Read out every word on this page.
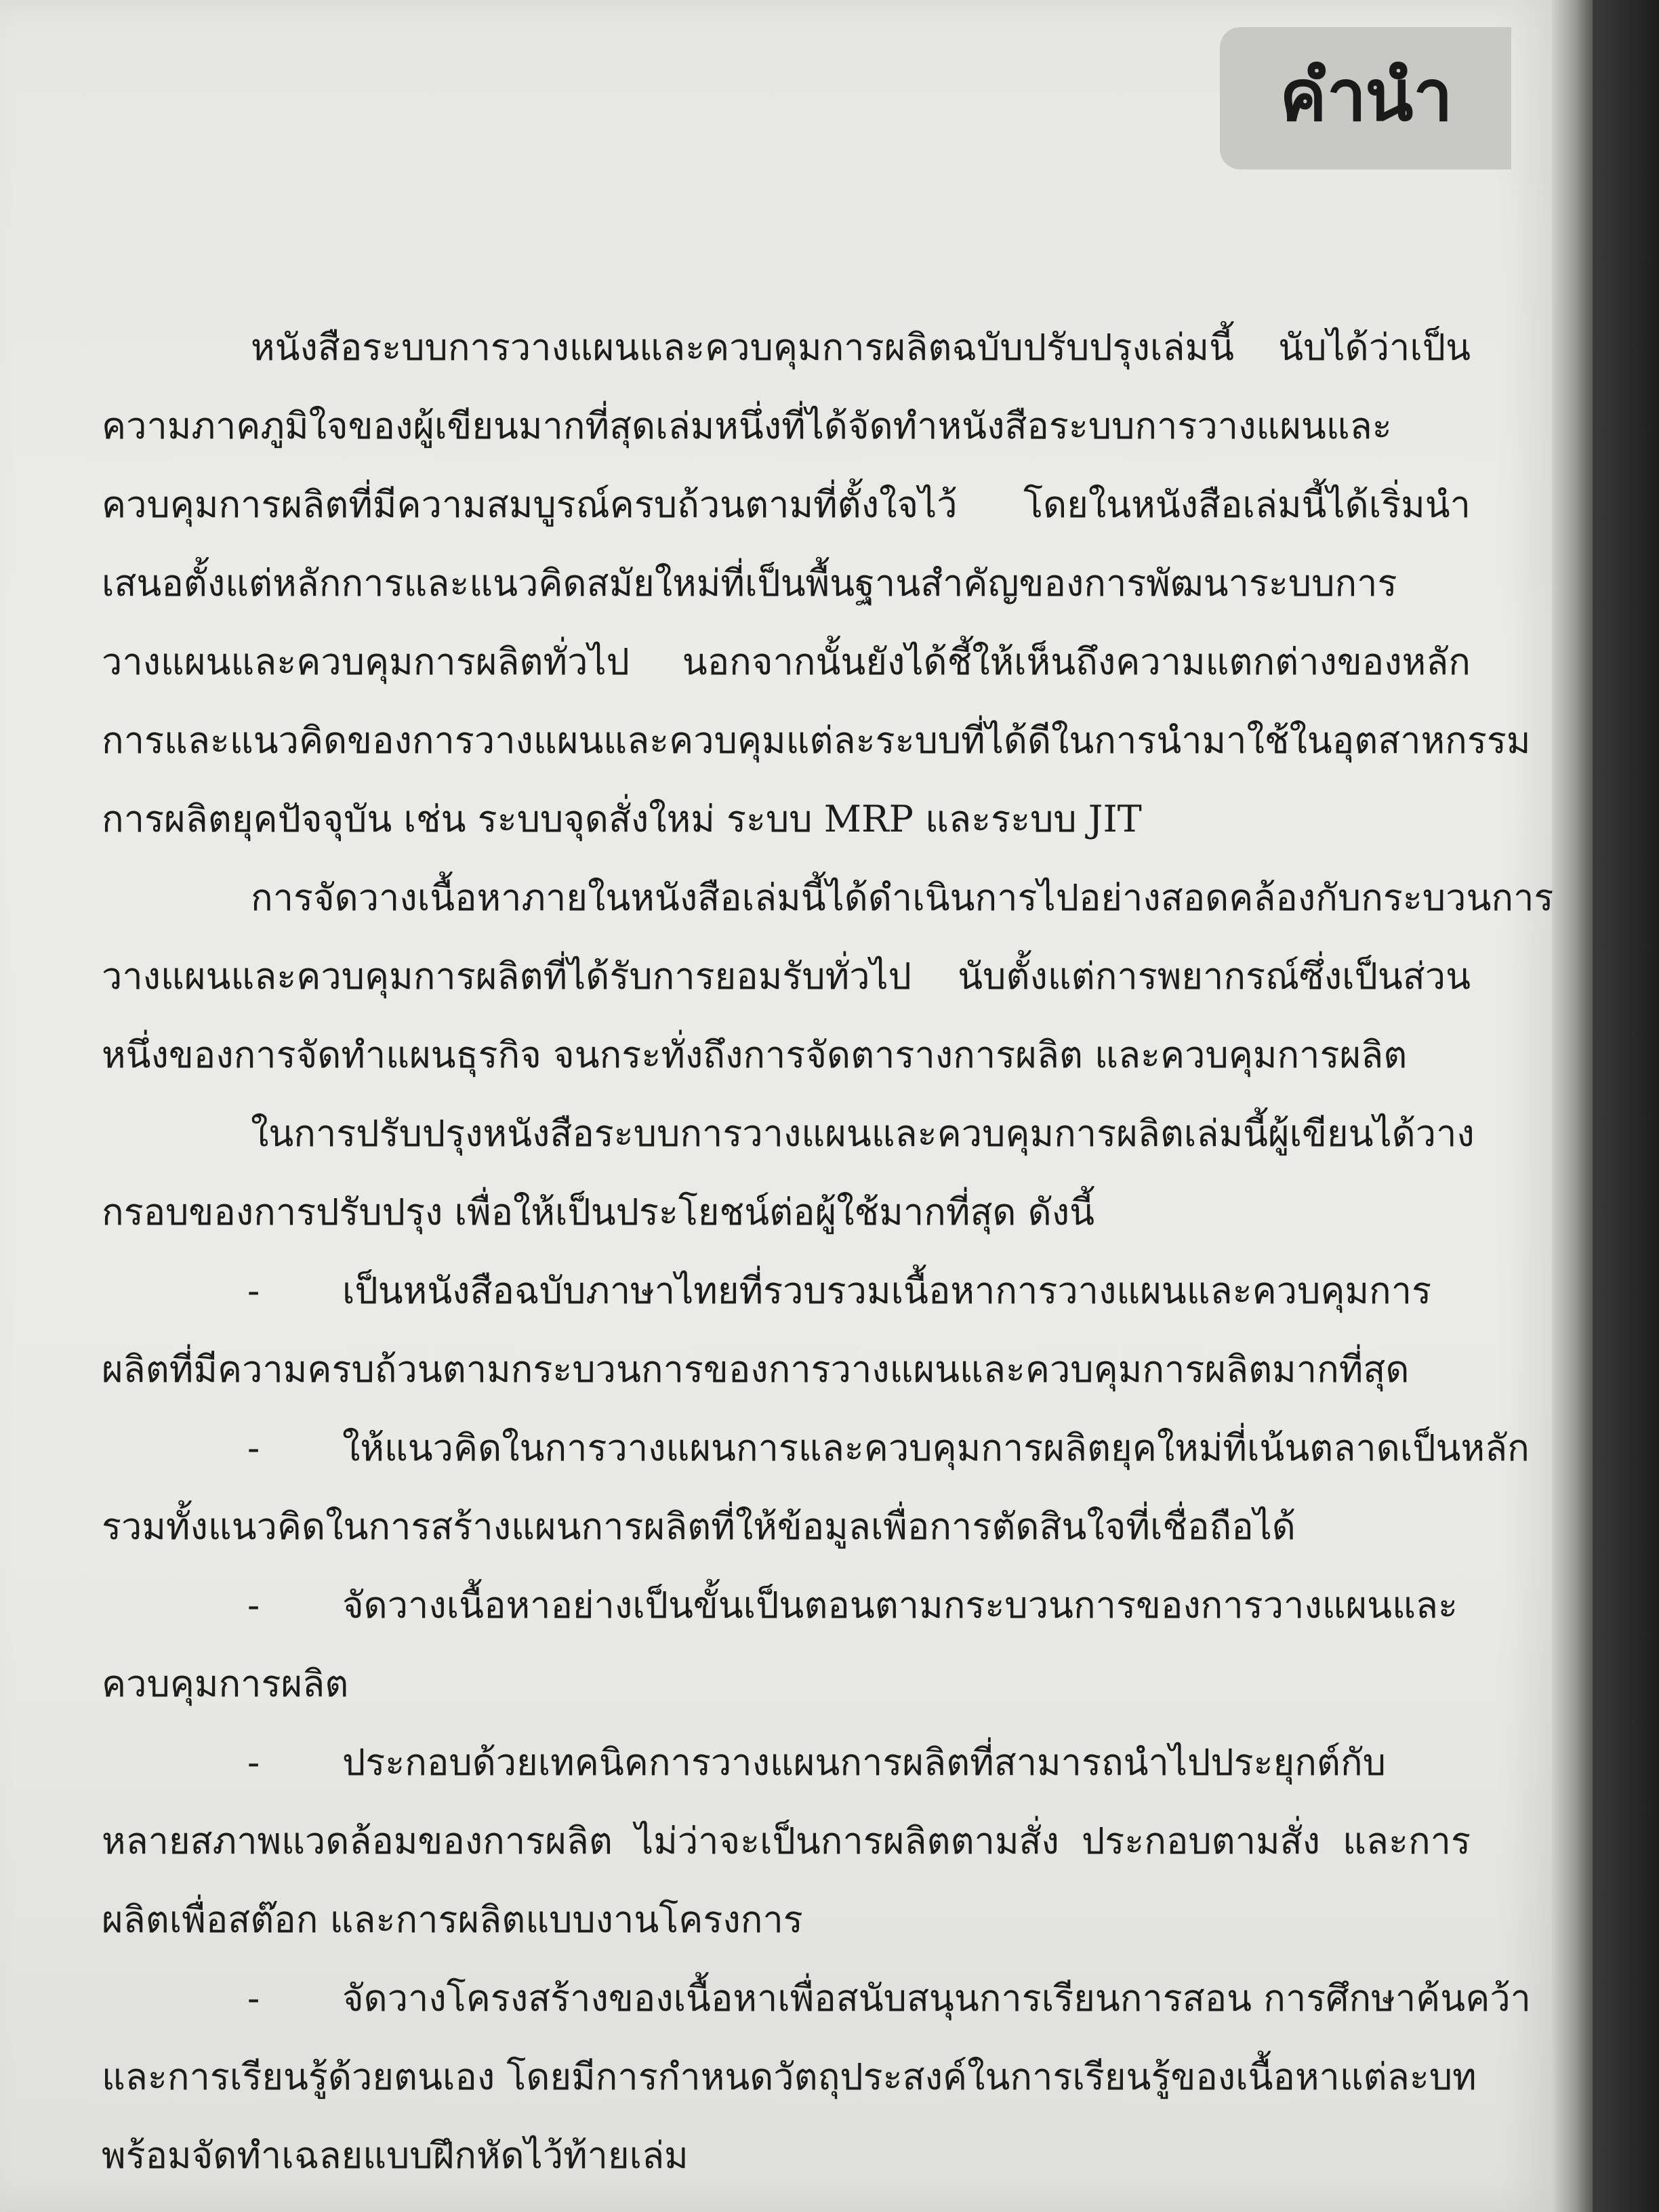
คำนำ
หนังสือระบบการวางแผนและควบคุมการผลิตฉบับปรับปรุงเล่มนี้ นับได้ว่าเป็น
ความภาคภูมิใจของผู้เขียนมากที่สุดเล่มหนึ่งที่ได้จัดทำหนังสือระบบการวางแผนและ
ควบคุมการผลิตที่มีความสมบูรณ์ครบถ้วนตามที่ตั้งใจไว้ โดยในหนังสือเล่มนี้ได้เริ่มนำ
เสนอตั้งแต่หลักการและแนวคิดสมัยใหม่ที่เป็นพื้นฐานสำคัญของการพัฒนาระบบการ
วางแผนและควบคุมการผลิตทั่วไป นอกจากนั้นยังได้ชี้ให้เห็นถึงความแตกต่างของหลัก
การและแนวคิดของการวางแผนและควบคุมแต่ละระบบที่ได้ดีในการนำมาใช้ในอุตสาหกรรม
การผลิตยุคปัจจุบัน เช่น ระบบจุดสั่งใหม่ ระบบ MRP และระบบ JIT
การจัดวางเนื้อหาภายในหนังสือเล่มนี้ได้ดำเนินการไปอย่างสอดคล้องกับกระบวนการ
วางแผนและควบคุมการผลิตที่ได้รับการยอมรับทั่วไป นับตั้งแต่การพยากรณ์ซึ่งเป็นส่วน
หนึ่งของการจัดทำแผนธุรกิจ จนกระทั่งถึงการจัดตารางการผลิต และควบคุมการผลิต
ในการปรับปรุงหนังสือระบบการวางแผนและควบคุมการผลิตเล่มนี้ผู้เขียนได้วาง
กรอบของการปรับปรุง เพื่อให้เป็นประโยชน์ต่อผู้ใช้มากที่สุด ดังนี้
- เป็นหนังสือฉบับภาษาไทยที่รวบรวมเนื้อหาการวางแผนและควบคุมการ
ผลิตที่มีความครบถ้วนตามกระบวนการของการวางแผนและควบคุมการผลิตมากที่สุด
- ให้แนวคิดในการวางแผนการและควบคุมการผลิตยุคใหม่ที่เน้นตลาดเป็นหลัก
รวมทั้งแนวคิดในการสร้างแผนการผลิตที่ให้ข้อมูลเพื่อการตัดสินใจที่เชื่อถือได้
- จัดวางเนื้อหาอย่างเป็นขั้นเป็นตอนตามกระบวนการของการวางแผนและ
ควบคุมการผลิต
- ประกอบด้วยเทคนิคการวางแผนการผลิตที่สามารถนำไปประยุกต์กับ
หลายสภาพแวดล้อมของการผลิต ไม่ว่าจะเป็นการผลิตตามสั่ง ประกอบตามสั่ง และการ
ผลิตเพื่อสต๊อก และการผลิตแบบงานโครงการ
- จัดวางโครงสร้างของเนื้อหาเพื่อสนับสนุนการเรียนการสอน การศึกษาค้นคว้า
และการเรียนรู้ด้วยตนเอง โดยมีการกำหนดวัตถุประสงค์ในการเรียนรู้ของเนื้อหาแต่ละบท
พร้อมจัดทำเฉลยแบบฝึกหัดไว้ท้ายเล่ม
